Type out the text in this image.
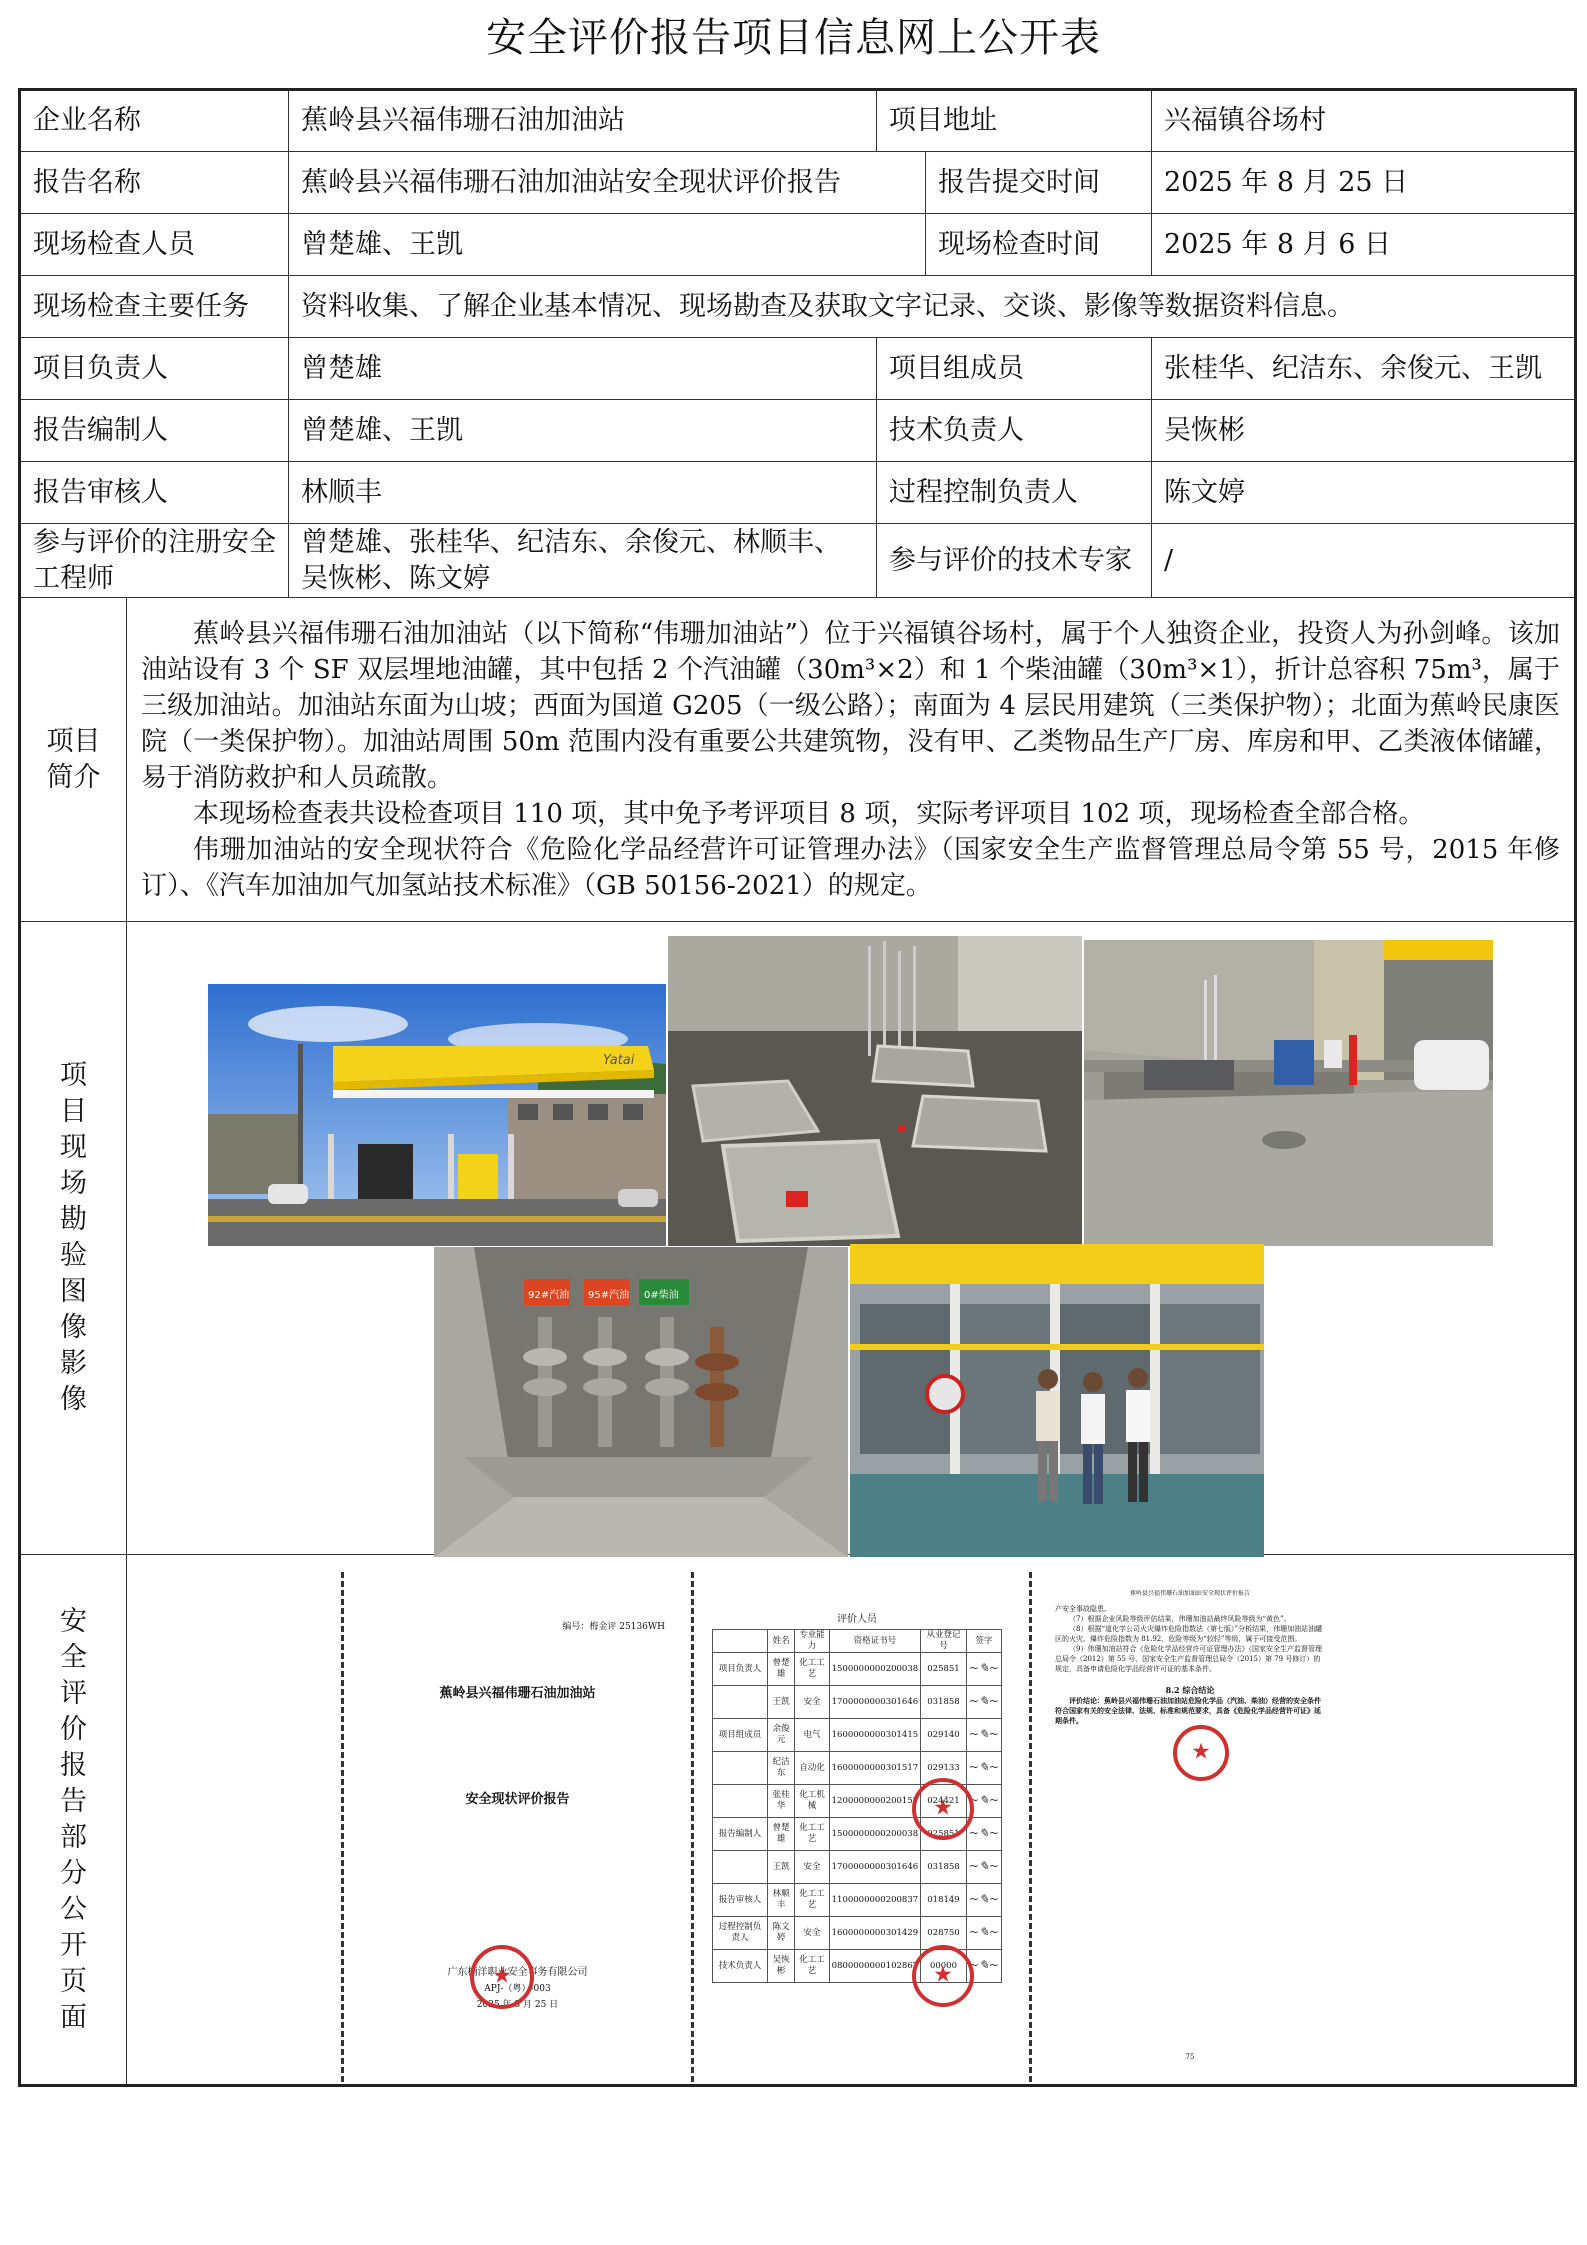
安全评价报告项目信息网上公开表
企业名称		蕉岭县兴福伟珊石油加油站	项目地址		兴福镇谷场村
报告名称		蕉岭县兴福伟珊石油加油站安全现状评价报告		报告提交时间	2025 年 8 月 25 日
现场检查人员		曾楚雄、王凯		现场检查时间	2025 年 8 月 6 日
现场检查主要任务		资料收集、了解企业基本情况、现场勘查及获取文字记录、交谈、影像等数据资料信息。			
项目负责人		曾楚雄	项目组成员		张桂华、纪洁东、余俊元、王凯
报告编制人		曾楚雄、王凯	技术负责人		吴恢彬
报告审核人		林顺丰	过程控制负责人		陈文婷
参与评价的注册安全工程师		曾楚雄、张桂华、纪洁东、余俊元、林顺丰、吴恢彬、陈文婷	参与评价的技术专家		/

项目简介	蕉岭县兴福伟珊石油加油站（以下简称“伟珊加油站”）位于兴福镇谷场村，属于个人独资企业，投资人为孙剑峰。该加油站设有 3 个 SF 双层埋地油罐，其中包括 2 个汽油罐（30m³×2）和 1 个柴油罐（30m³×1），折计总容积 75m³，属于三级加油站。加油站东面为山坡；西面为国道 G205（一级公路）；南面为 4 层民用建筑（三类保护物）；北面为蕉岭民康医院（一类保护物）。加油站周围 50m 范围内没有重要公共建筑物，没有甲、乙类物品生产厂房、库房和甲、乙类液体储罐，易于消防救护和人员疏散。

本现场检查表共设检查项目 110 项，其中免予考评项目 8 项，实际考评项目 102 项，现场检查全部合格。

伟珊加油站的安全现状符合《危险化学品经营许可证管理办法》（国家安全生产监督管理总局令第 55 号，2015 年修订）、《汽车加油加气加氢站技术标准》（GB 50156-2021）的规定。				

项目现场勘验图像影像					

安全评价报告部分公开页面					

Yatai
92#汽油 95#汽油 0#柴油
编号：梅金评 25136WH
蕉岭县兴福伟珊石油加油站
安全现状评价报告
广东楠洋职业安全事务有限公司
APJ-（粤）-003
2025 年 8 月 25 日
★
评价人员
	姓名	专业能力	资格证书号	从业登记号	签字
项目负责人	曾楚雄	化工工艺	1500000000200038	025851	~✎~
	王凯	安全	1700000000301646	031858	~✎~
项目组成员	余俊元	电气	1600000000301415	029140	~✎~
	纪洁东	自动化	1600000000301517	029133	~✎~
	张桂华	化工机械	1200000000200157	024421	~✎~
报告编制人	曾楚雄	化工工艺	1500000000200038	025851	~✎~
	王凯	安全	1700000000301646	031858	~✎~
报告审核人	林顺丰	化工工艺	1100000000200837	018149	~✎~
过程控制负责人	陈文婷	安全	1600000000301429	028750	~✎~
技术负责人	吴恢彬	化工工艺	0800000000102867	00000	~✎~
★
★
蕉岭县兴福伟珊石油加油站安全现状评价报告
产安全事故隐患。
（7）根据企业风险等级评估结果，伟珊加油站最终风险等级为“黄色”。
（8）根据“道化学公司火灾爆炸危险指数法（第七版）”分析结果，伟珊加油站油罐区的火灾、爆炸危险指数为 81.92，危险等级为“较轻”等级，属于可接受范围。
（9）伟珊加油站符合《危险化学品经营许可证管理办法》（国家安全生产监督管理总局令（2012）第 55 号，国家安全生产监督管理总局令（2015）第 79 号修订）的规定，具备申请危险化学品经营许可证的基本条件。
8.2 综合结论
评价结论：蕉岭县兴福伟珊石油加油站危险化学品（汽油、柴油）经营的安全条件符合国家有关的安全法律、法规、标准和规范要求，具备《危险化学品经营许可证》延期条件。
★
75
